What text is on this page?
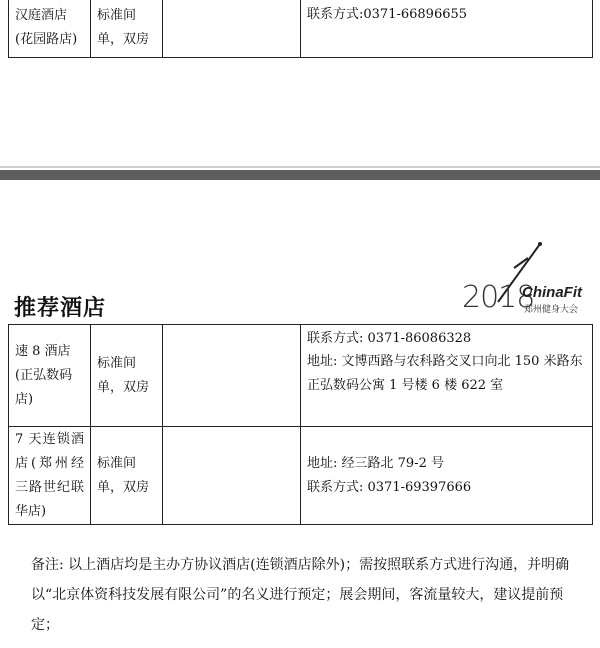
汉庭酒店(花园路店)	标准间单，双房		联系方式:0371-66896655
2018
ChinaFit
郑州健身大会
推荐酒店
速 8 酒店(正弘数码店)	标准间单，双房		联系方式: 0371-86086328
地址: 文博西路与农科路交叉口向北 150 米路东正弘数码公寓 1 号楼 6 楼 622 室

7 天连锁酒店(郑州经三路世纪联华店)	标准间单，双房		地址: 经三路北 79-2 号
联系方式: 0371-69397666
备注: 以上酒店均是主办方协议酒店(连锁酒店除外)；需按照联系方式进行沟通，并明确以“北京体资科技发展有限公司”的名义进行预定；展会期间，客流量较大，建议提前预定；
